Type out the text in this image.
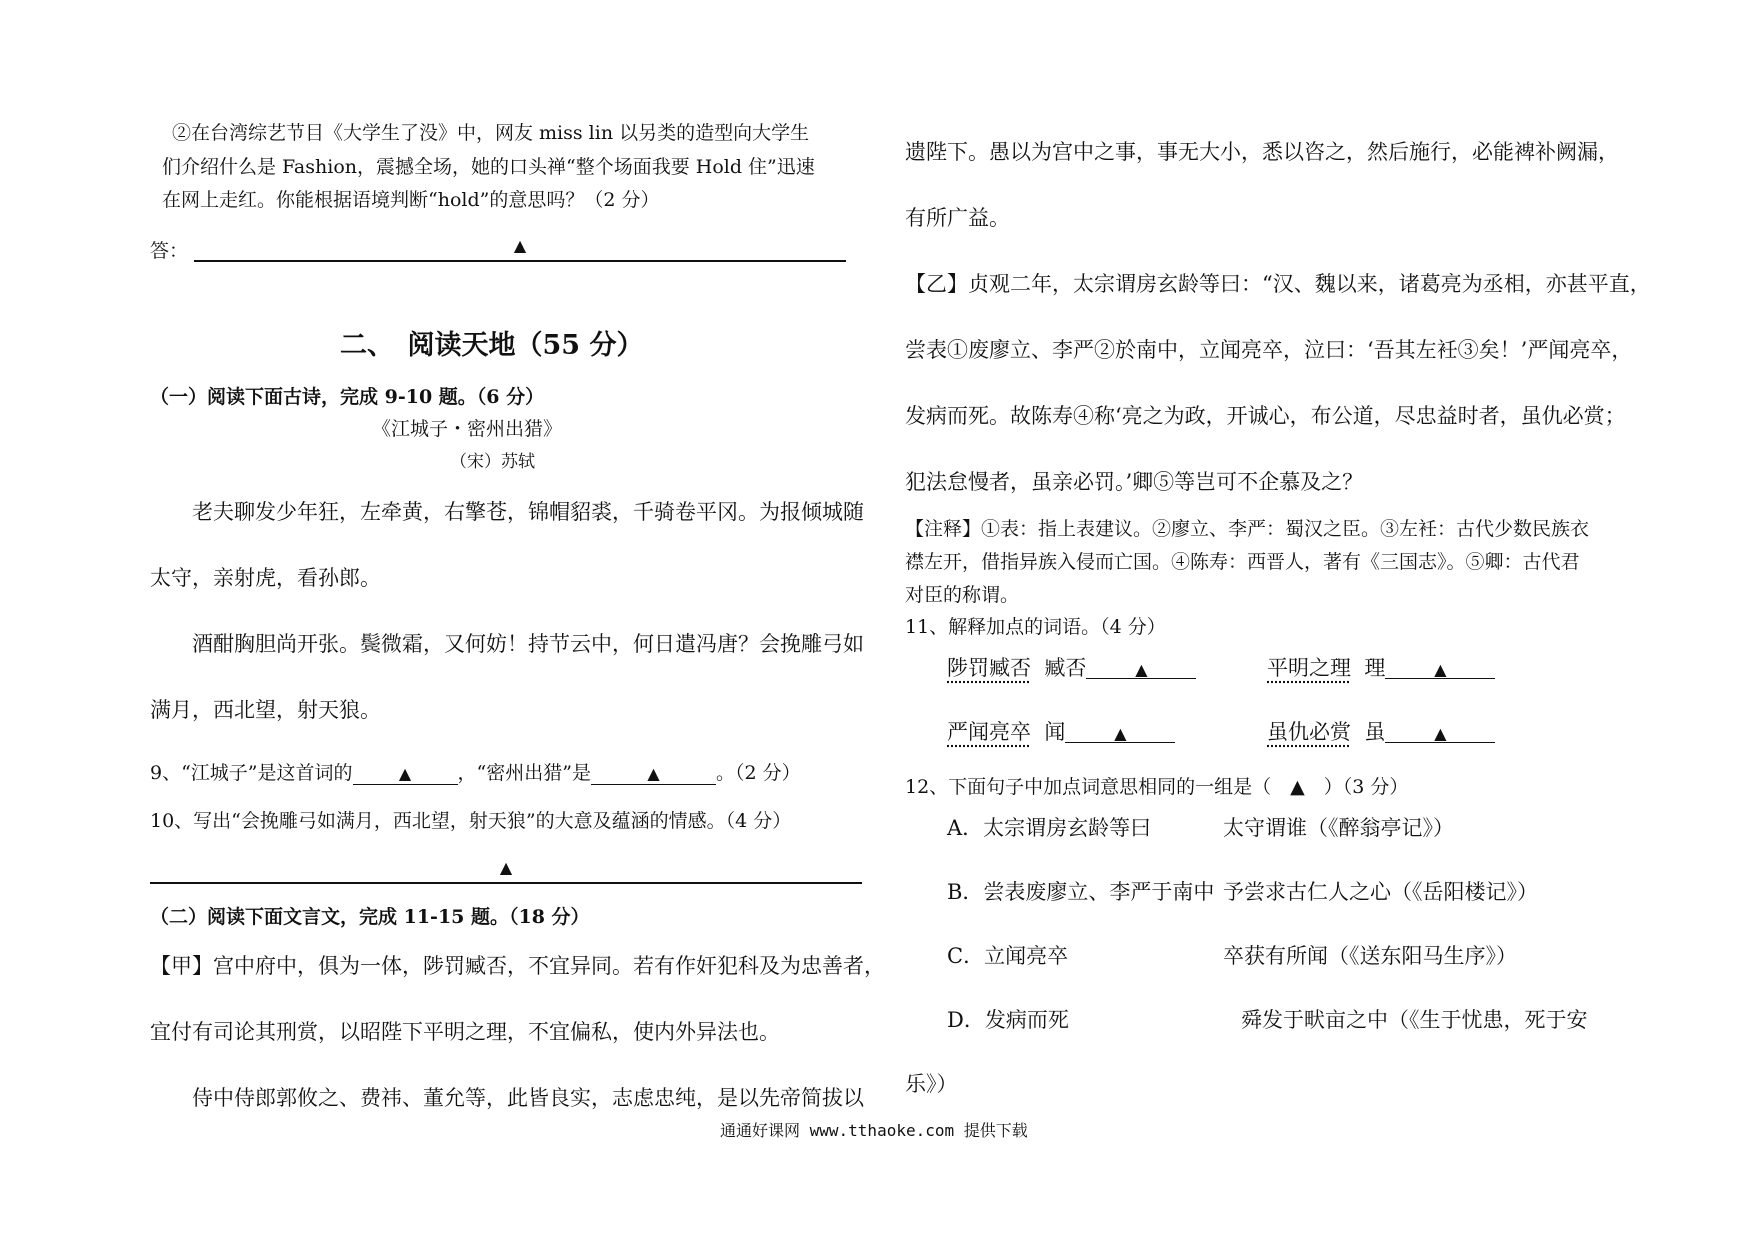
②在台湾综艺节目《大学生了没》中，网友 miss lin 以另类的造型向大学生
们介绍什么是 Fashion，震撼全场，她的口头禅“整个场面我要 Hold 住”迅速
在网上走红。你能根据语境判断“hold”的意思吗？（2 分）
答：	▲
二、　阅读天地（55 分）
（一）阅读下面古诗，完成 9-10 题。（6 分）
《江城子・密州出猎》
（宋）苏轼
老夫聊发少年狂，左牵黄，右擎苍，锦帽貂裘，千骑卷平冈。为报倾城随
太守，亲射虎，看孙郎。
酒酣胸胆尚开张。鬓微霜，又何妨！持节云中，何日遣冯唐？会挽雕弓如
满月，西北望，射天狼。
9、“江城子”是这首词的	▲ ，“密州出猎”是	▲	。（2 分）
10、写出“会挽雕弓如满月，西北望，射天狼”的大意及蕴涵的情感。（4 分）
▲
（二）阅读下面文言文，完成 11-15 题。（18 分）
【甲】宫中府中，俱为一体，陟罚臧否，不宜异同。若有作奸犯科及为忠善者，
宜付有司论其刑赏，以昭陛下平明之理，不宜偏私，使内外异法也。
侍中侍郎郭攸之、费祎、董允等，此皆良实，志虑忠纯，是以先帝简拔以
遗陛下。愚以为宫中之事，事无大小，悉以咨之，然后施行，必能裨补阙漏，
有所广益。
【乙】贞观二年，太宗谓房玄龄等曰：“汉、魏以来，诸葛亮为丞相，亦甚平直，
尝表①废廖立、李严②於南中，立闻亮卒，泣曰：‘吾其左衽③矣！’严闻亮卒，
发病而死。故陈寿④称‘亮之为政，开诚心，布公道，尽忠益时者，虽仇必赏；
犯法怠慢者，虽亲必罚。’卿⑤等岂可不企慕及之？
【注释】①表：指上表建议。②廖立、李严：蜀汉之臣。③左衽：古代少数民族衣
襟左开，借指异族入侵而亡国。④陈寿：西晋人，著有《三国志》。⑤卿：古代君
对臣的称谓。
11、解释加点的词语。（4 分）
陟罚臧否 臧否	▲	平明之理 理	▲
严闻亮卒 闻	▲	虽仇必赏 虽	▲
12、下面句子中加点词意思相同的一组是（　▲　）（3 分）
A．太宗谓房玄龄等曰	太守谓谁（《醉翁亭记》）
B．尝表废廖立、李严于南中 予尝求古仁人之心（《岳阳楼记》）
C．立闻亮卒	卒获有所闻（《送东阳马生序》）
D．发病而死	舜发于畎亩之中（《生于忧患，死于安
乐》）
通通好课网 www.tthaoke.com 提供下载
